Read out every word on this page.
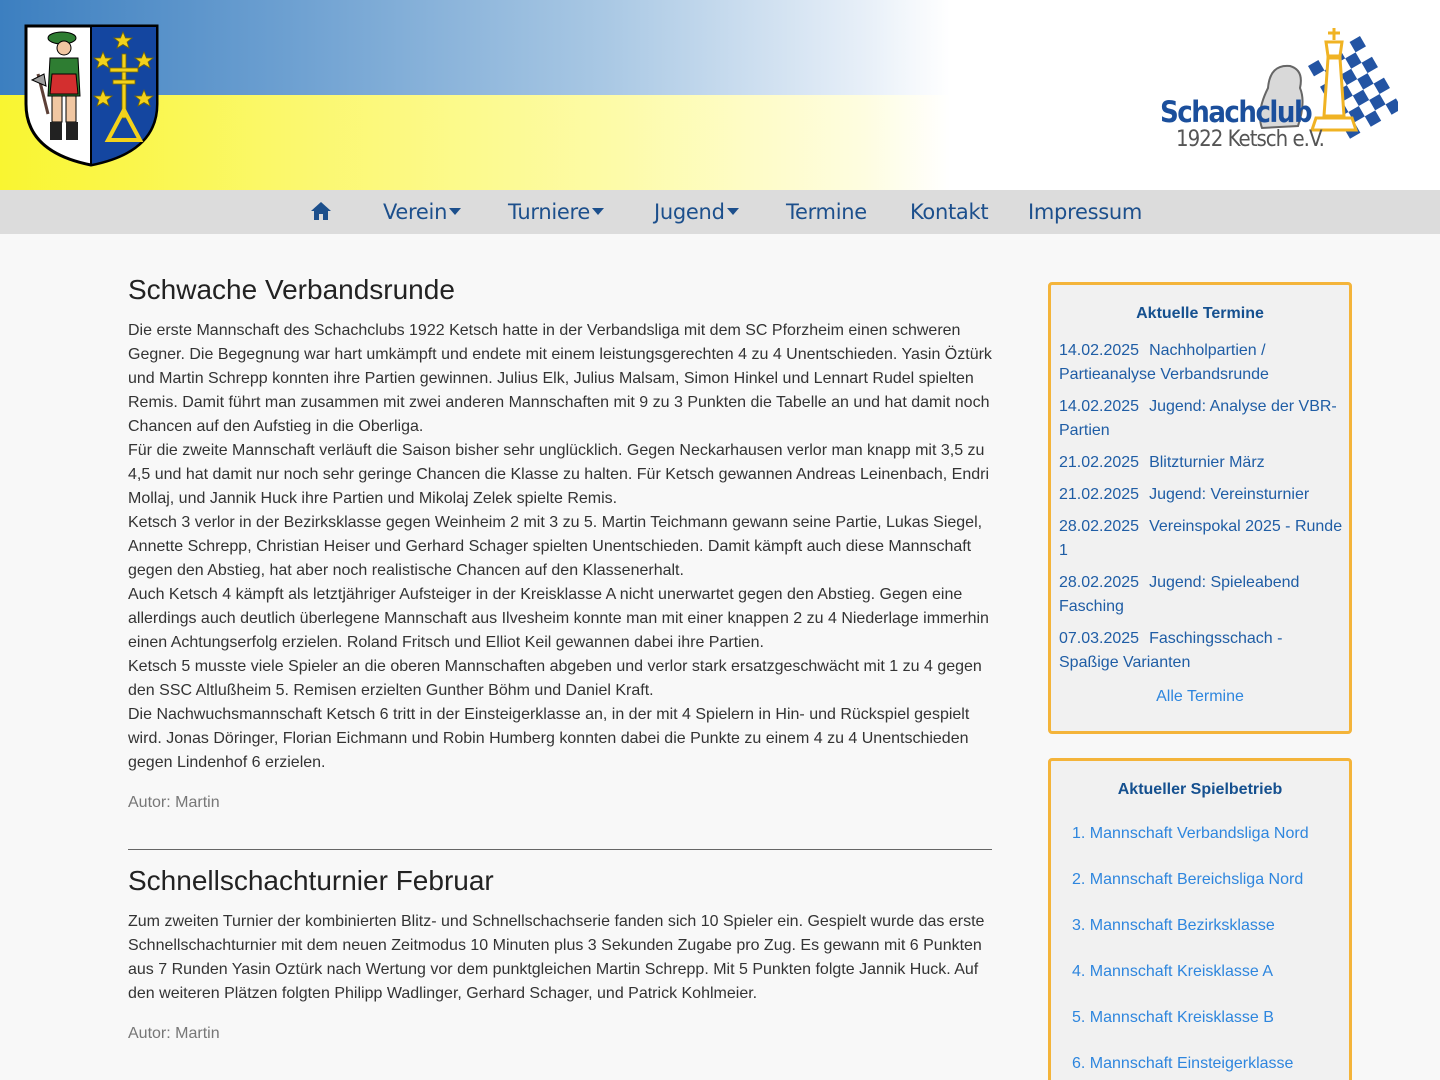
Schachclub
1922 Ketsch e.V.
Verein	Turniere	Jugend	Termine Kontakt Impressum
Schwache Verbandsrunde

Die erste Mannschaft des Schachclubs 1922 Ketsch hatte in der Verbandsliga mit dem SC Pforzheim einen schweren Gegner. Die Begegnung war hart umkämpft und endete mit einem leistungsgerechten 4 zu 4 Unentschieden. Yasin Öztürk und Martin Schrepp konnten ihre Partien gewinnen. Julius Elk, Julius Malsam, Simon Hinkel und Lennart Rudel spielten Remis. Damit führt man zusammen mit zwei anderen Mannschaften mit 9 zu 3 Punkten die Tabelle an und hat damit noch Chancen auf den Aufstieg in die Oberliga.

Für die zweite Mannschaft verläuft die Saison bisher sehr unglücklich. Gegen Neckarhausen verlor man knapp mit 3,5 zu 4,5 und hat damit nur noch sehr geringe Chancen die Klasse zu halten. Für Ketsch gewannen Andreas Leinenbach, Endri Mollaj, und Jannik Huck ihre Partien und Mikolaj Zelek spielte Remis.

Ketsch 3 verlor in der Bezirksklasse gegen Weinheim 2 mit 3 zu 5. Martin Teichmann gewann seine Partie, Lukas Siegel, Annette Schrepp, Christian Heiser und Gerhard Schager spielten Unentschieden. Damit kämpft auch diese Mannschaft gegen den Abstieg, hat aber noch realistische Chancen auf den Klassenerhalt.

Auch Ketsch 4 kämpft als letztjähriger Aufsteiger in der Kreisklasse A nicht unerwartet gegen den Abstieg. Gegen eine allerdings auch deutlich überlegene Mannschaft aus Ilvesheim konnte man mit einer knappen 2 zu 4 Niederlage immerhin einen Achtungserfolg erzielen. Roland Fritsch und Elliot Keil gewannen dabei ihre Partien.

Ketsch 5 musste viele Spieler an die oberen Mannschaften abgeben und verlor stark ersatzgeschwächt mit 1 zu 4 gegen den SSC Altlußheim 5. Remisen erzielten Gunther Böhm und Daniel Kraft.

Die Nachwuchsmannschaft Ketsch 6 tritt in der Einsteigerklasse an, in der mit 4 Spielern in Hin- und Rückspiel gespielt wird. Jonas Döringer, Florian Eichmann und Robin Humberg konnten dabei die Punkte zu einem 4 zu 4 Unentschieden gegen Lindenhof 6 erzielen.

Autor: Martin
Schnellschachturnier Februar

Zum zweiten Turnier der kombinierten Blitz- und Schnellschachserie fanden sich 10 Spieler ein. Gespielt wurde das erste Schnellschachturnier mit dem neuen Zeitmodus 10 Minuten plus 3 Sekunden Zugabe pro Zug. Es gewann mit 6 Punkten aus 7 Runden Yasin Oztürk nach Wertung vor dem punktgleichen Martin Schrepp. Mit 5 Punkten folgte Jannik Huck. Auf den weiteren Plätzen folgten Philipp Wadlinger, Gerhard Schager, und Patrick Kohlmeier.

Autor: Martin
Aktuelle Termine
14.02.2025 Nachholpartien / Partieanalyse Verbandsrunde
14.02.2025 Jugend: Analyse der VBR-Partien
21.02.2025 Blitzturnier März
21.02.2025 Jugend: Vereinsturnier
28.02.2025 Vereinspokal 2025 - Runde 1
28.02.2025 Jugend: Spieleabend Fasching
07.03.2025 Faschingsschach - Spaßige Varianten
Alle Termine
Aktueller Spielbetrieb
1. Mannschaft Verbandsliga Nord
2. Mannschaft Bereichsliga Nord
3. Mannschaft Bezirksklasse
4. Mannschaft Kreisklasse A
5. Mannschaft Kreisklasse B
6. Mannschaft Einsteigerklasse
